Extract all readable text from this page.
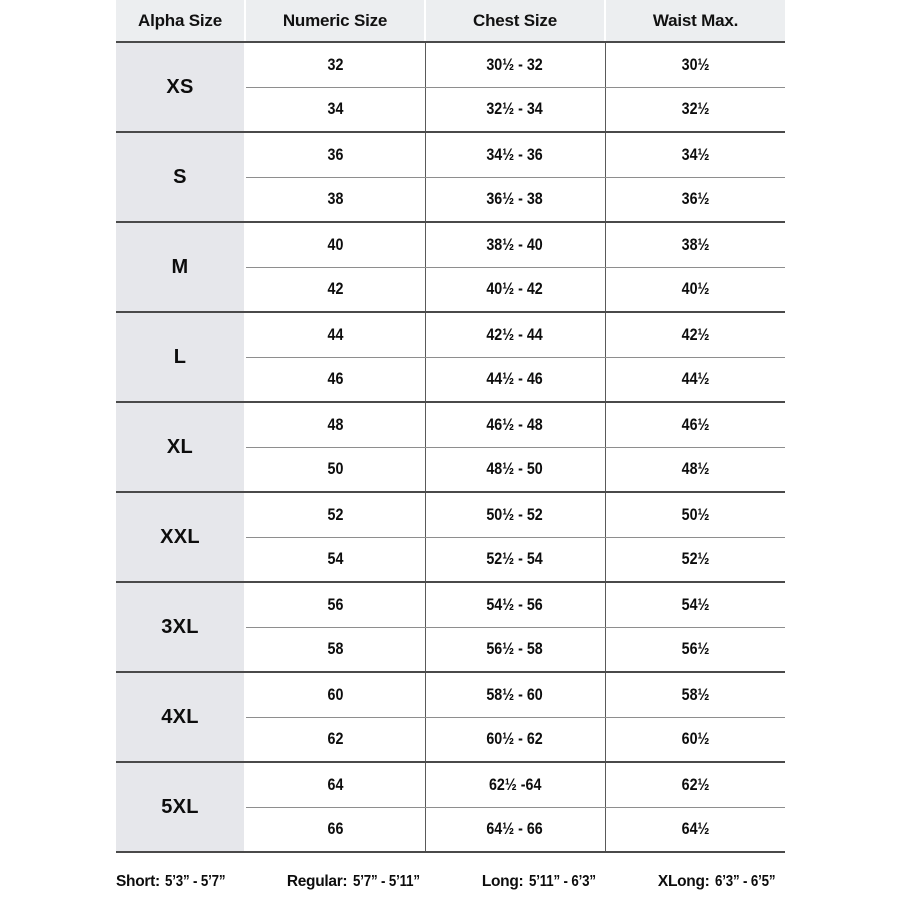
Alpha Size	Numeric Size	Chest Size	Waist Max.
XS	32	30½ - 32	30½
	34	32½ - 34	32½
S	36	34½ - 36	34½
	38	36½ - 38	36½
M	40	38½ - 40	38½
	42	40½ - 42	40½
L	44	42½ - 44	42½
	46	44½ - 46	44½
XL	48	46½ - 48	46½
	50	48½ - 50	48½
XXL	52	50½ - 52	50½
	54	52½ - 54	52½
3XL	56	54½ - 56	54½
	58	56½ - 58	56½
4XL	60	58½ - 60	58½
	62	60½ - 62	60½
5XL	64	62½ -64	62½
	66	64½ - 66	64½
Short: 5’3” - 5’7”	Regular: 5’7” - 5’11”	Long: 5’11” - 6’3”	XLong: 6’3” - 6’5”
